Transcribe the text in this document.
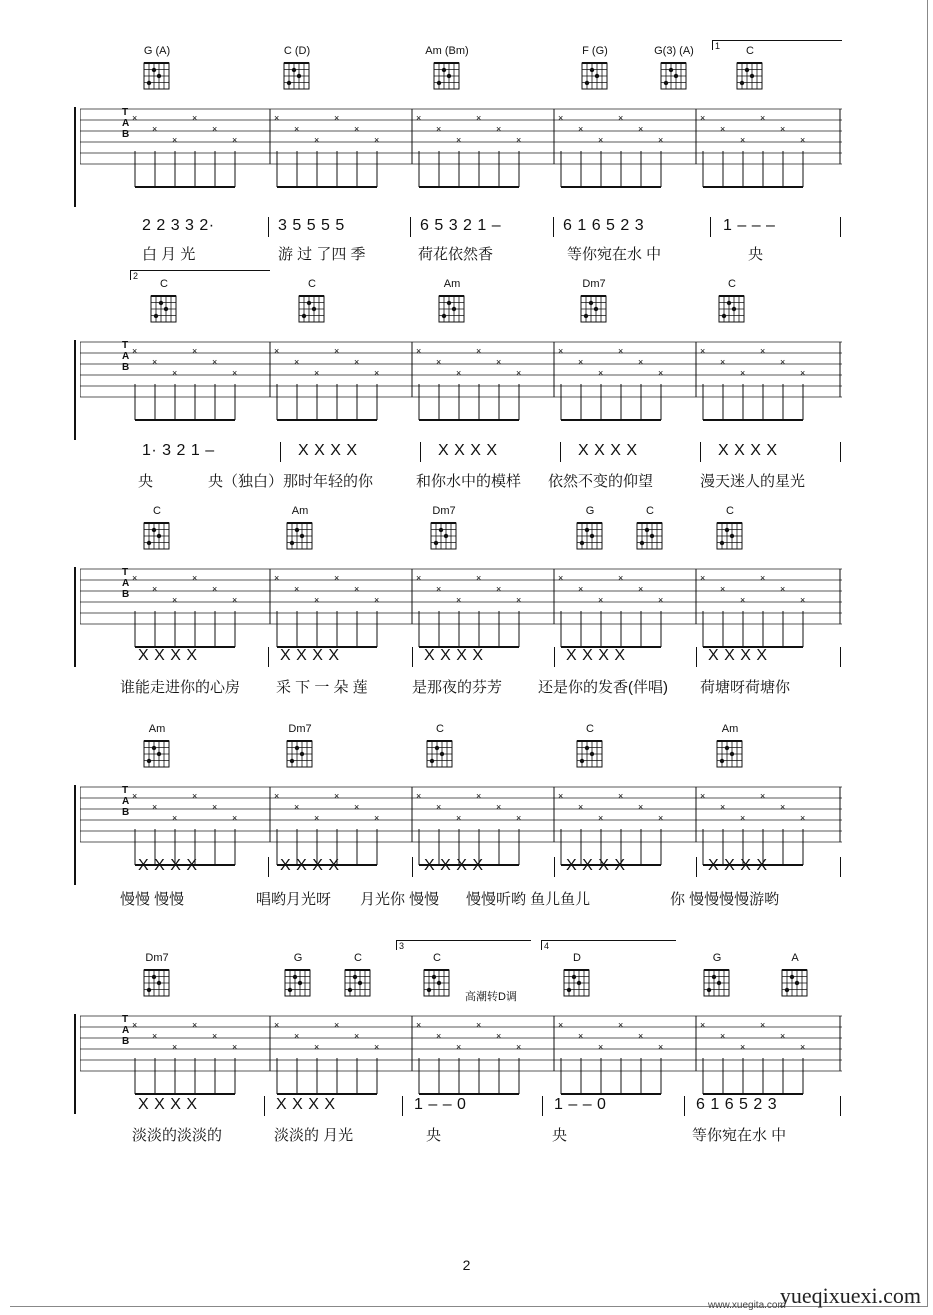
1
G (A)	C (D)	Am (Bm)	F (G)	G(3) (A)	C
×
×
×
×
×
×
×
×
×
×
×
×
×
×
×
×
×
×
×
×
×
×
×
×
×
×
×
×
×
×
T
A
B
2 2 3 3 2·	3 5 5 5 5	6 5 3 2 1 –	6 1 6 5 2 3	1 – – –
白 月 光	游 过 了四 季	荷花依然香	等你宛在水 中	央
2
C	C	Am	Dm7	C
×
×
×
×
×
×
×
×
×
×
×
×
×
×
×
×
×
×
×
×
×
×
×
×
×
×
×
×
×
×
T
A
B
1· 3 2 1 –	X X X X	X X X X	X X X X	X X X X
央	央（独白）那时年轻的你	和你水中的模样 依然不变的仰望	漫天迷人的星光
C	Am	Dm7	G	C	C
×
×
×
×
×
×
×
×
×
×
×
×
×
×
×
×
×
×
×
×
×
×
×
×
×
×
×
×
×
×
T
A
B
X X X X	X X X X	X X X X	X X X X	X X X X
谁能走进你的心房 采 下 一 朵 莲	是那夜的芬芳 还是你的发香(伴唱) 荷塘呀荷塘你
Am	Dm7	C	C	Am
×
×
×
×
×
×
×
×
×
×
×
×
×
×
×
×
×
×
×
×
×
×
×
×
×
×
×
×
×
×
T
A
B
X X X X	X X X X	X X X X	X X X X	X X X X
慢慢 慢慢	唱哟月光呀 月光你 慢慢 慢慢听哟 鱼儿鱼儿	你 慢慢慢慢游哟
3	4
Dm7	G	C	C	D	G	A
高潮转D调
×
×
×
×
×
×
×
×
×
×
×
×
×
×
×
×
×
×
×
×
×
×
×
×
×
×
×
×
×
×
T
A
B
X X X X	X X X X	1 – – 0	1 – – 0	6 1 6 5 2 3
淡淡的淡淡的	淡淡的 月光	央	央	等你宛在水 中
2
yueqixuexi.com
www.xuegita.com
